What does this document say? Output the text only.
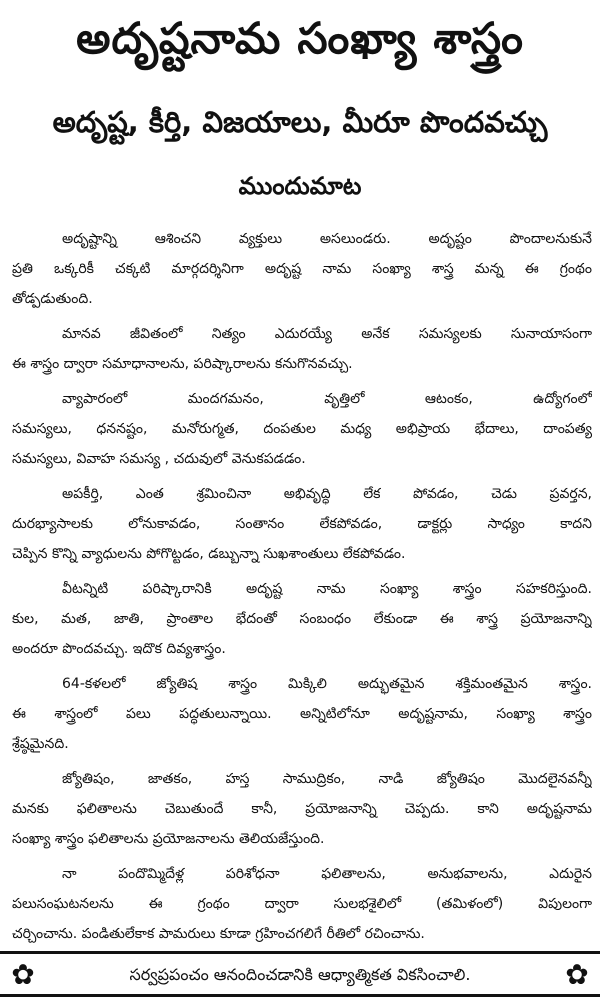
అదృష్టనామ సంఖ్యా శాస్త్రం
అదృష్ట, కీర్తి, విజయాలు, మీరూ పొందవచ్చు
ముందుమాట
అదృష్టాన్ని ఆశించని వ్యక్తులు అసలుండరు. అదృష్టం పొందాలనుకునే
ప్రతి ఒక్కరికీ చక్కటి మార్గదర్శినిగా అదృష్ట నామ సంఖ్యా శాస్త్ర మన్న ఈ గ్రంథం
తోడ్పడుతుంది.
మానవ జీవితంలో నిత్యం ఎదురయ్యే అనేక సమస్యలకు సునాయాసంగా
ఈ శాస్త్రం ద్వారా సమాధానాలను, పరిష్కారాలను కనుగొనవచ్చు.
వ్యాపారంలో మందగమనం, వృత్తిలో ఆటంకం, ఉద్యోగంలో
సమస్యలు, ధననష్టం, మనోరుగ్మత, దంపతుల మధ్య అభిప్రాయ భేదాలు, దాంపత్య
సమస్యలు, వివాహ సమస్య , చదువులో వెనుకపడడం.
అపకీర్తి, ఎంత శ్రమించినా అభివృద్ధి లేక పోవడం, చెడు ప్రవర్తన,
దురభ్యాసాలకు లోనుకావడం, సంతానం లేకపోవడం, డాక్టర్లు సాధ్యం కాదని
చెప్పిన కొన్ని వ్యాధులను పోగొట్టడం, డబ్బున్నా సుఖశాంతులు లేకపోవడం.
వీటన్నిటి పరిష్కారానికి అదృష్ట నామ సంఖ్యా శాస్త్రం సహకరిస్తుంది.
కుల, మత, జాతి, ప్రాంతాల భేదంతో సంబంధం లేకుండా ఈ శాస్త్ర ప్రయోజనాన్ని
అందరూ పొందవచ్చు. ఇదొక దివ్యశాస్త్రం.
64-కళలలో జ్యోతిష శాస్త్రం మిక్కిలి అద్భుతమైన శక్తిమంతమైన శాస్త్రం.
ఈ శాస్త్రంలో పలు పద్ధతులున్నాయి. అన్నిటిలోనూ అదృష్టనామ, సంఖ్యా శాస్త్రం
శ్రేష్ఠమైనది.
జ్యోతిషం, జాతకం, హస్త సాముద్రికం, నాడి జ్యోతిషం మొదలైనవన్నీ
మనకు ఫలితాలను చెబుతుందే కానీ, ప్రయోజనాన్ని చెప్పదు. కాని అదృష్టనామ
సంఖ్యా శాస్త్రం ఫలితాలను ప్రయోజనాలను తెలియజేస్తుంది.
నా పందొమ్మిదేళ్ల పరిశోధనా ఫలితాలను, అనుభవాలను, ఎదురైన
పలుసంఘటనలను ఈ గ్రంథం ద్వారా సులభశైలిలో (తమిళంలో) విపులంగా
చర్చించాను. పండితులేకాక పామరులు కూడా గ్రహించగలిగే రీతిలో రచించాను.
✿	సర్వప్రపంచం ఆనందించడానికి ఆధ్యాత్మికత వికసించాలి.	✿
